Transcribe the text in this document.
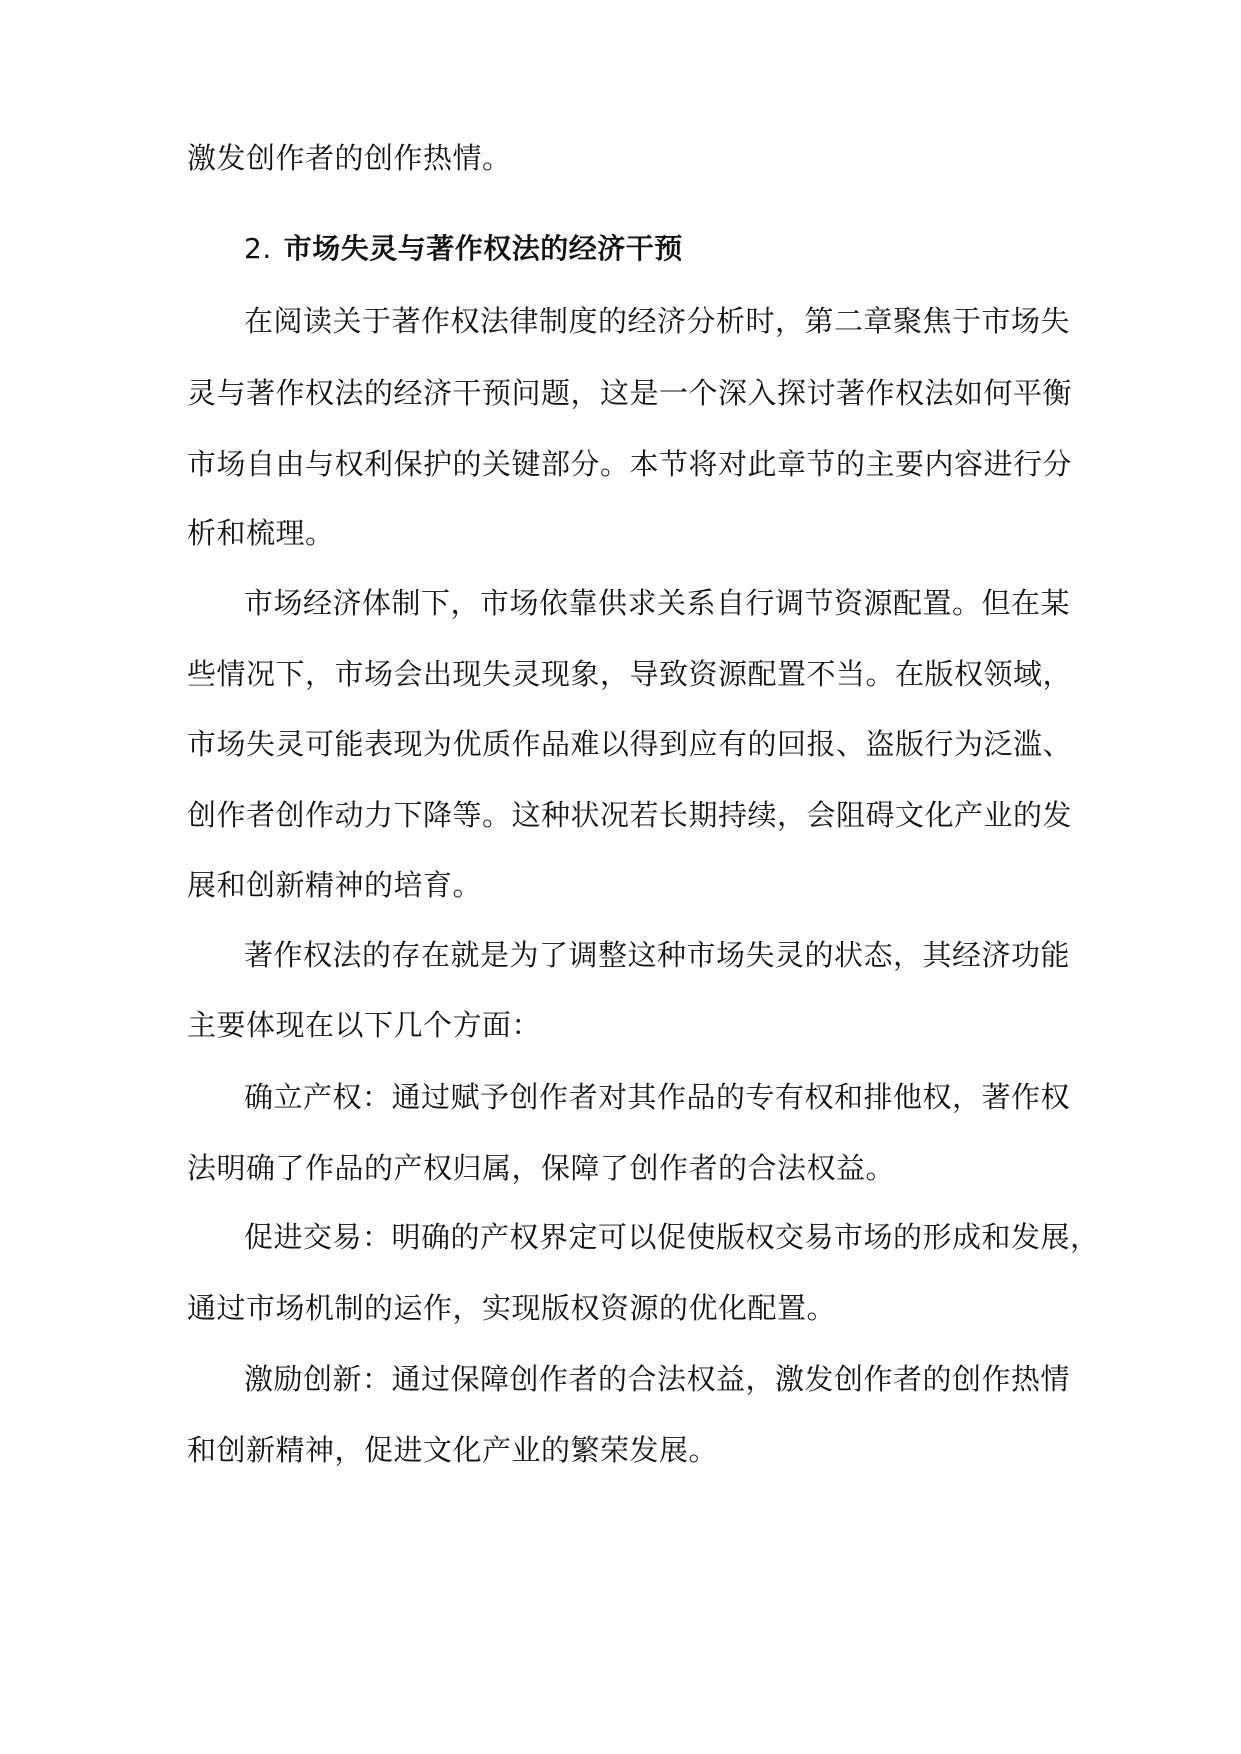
激发创作者的创作热情。
2. 市场失灵与著作权法的经济干预
在阅读关于著作权法律制度的经济分析时，第二章聚焦于市场失
灵与著作权法的经济干预问题，这是一个深入探讨著作权法如何平衡
市场自由与权利保护的关键部分。本节将对此章节的主要内容进行分
析和梳理。
市场经济体制下，市场依靠供求关系自行调节资源配置。但在某
些情况下，市场会出现失灵现象，导致资源配置不当。在版权领域，
市场失灵可能表现为优质作品难以得到应有的回报、盗版行为泛滥、
创作者创作动力下降等。这种状况若长期持续，会阻碍文化产业的发
展和创新精神的培育。
著作权法的存在就是为了调整这种市场失灵的状态，其经济功能
主要体现在以下几个方面：
确立产权：通过赋予创作者对其作品的专有权和排他权，著作权
法明确了作品的产权归属，保障了创作者的合法权益。
促进交易：明确的产权界定可以促使版权交易市场的形成和发展，
通过市场机制的运作，实现版权资源的优化配置。
激励创新：通过保障创作者的合法权益，激发创作者的创作热情
和创新精神，促进文化产业的繁荣发展。
